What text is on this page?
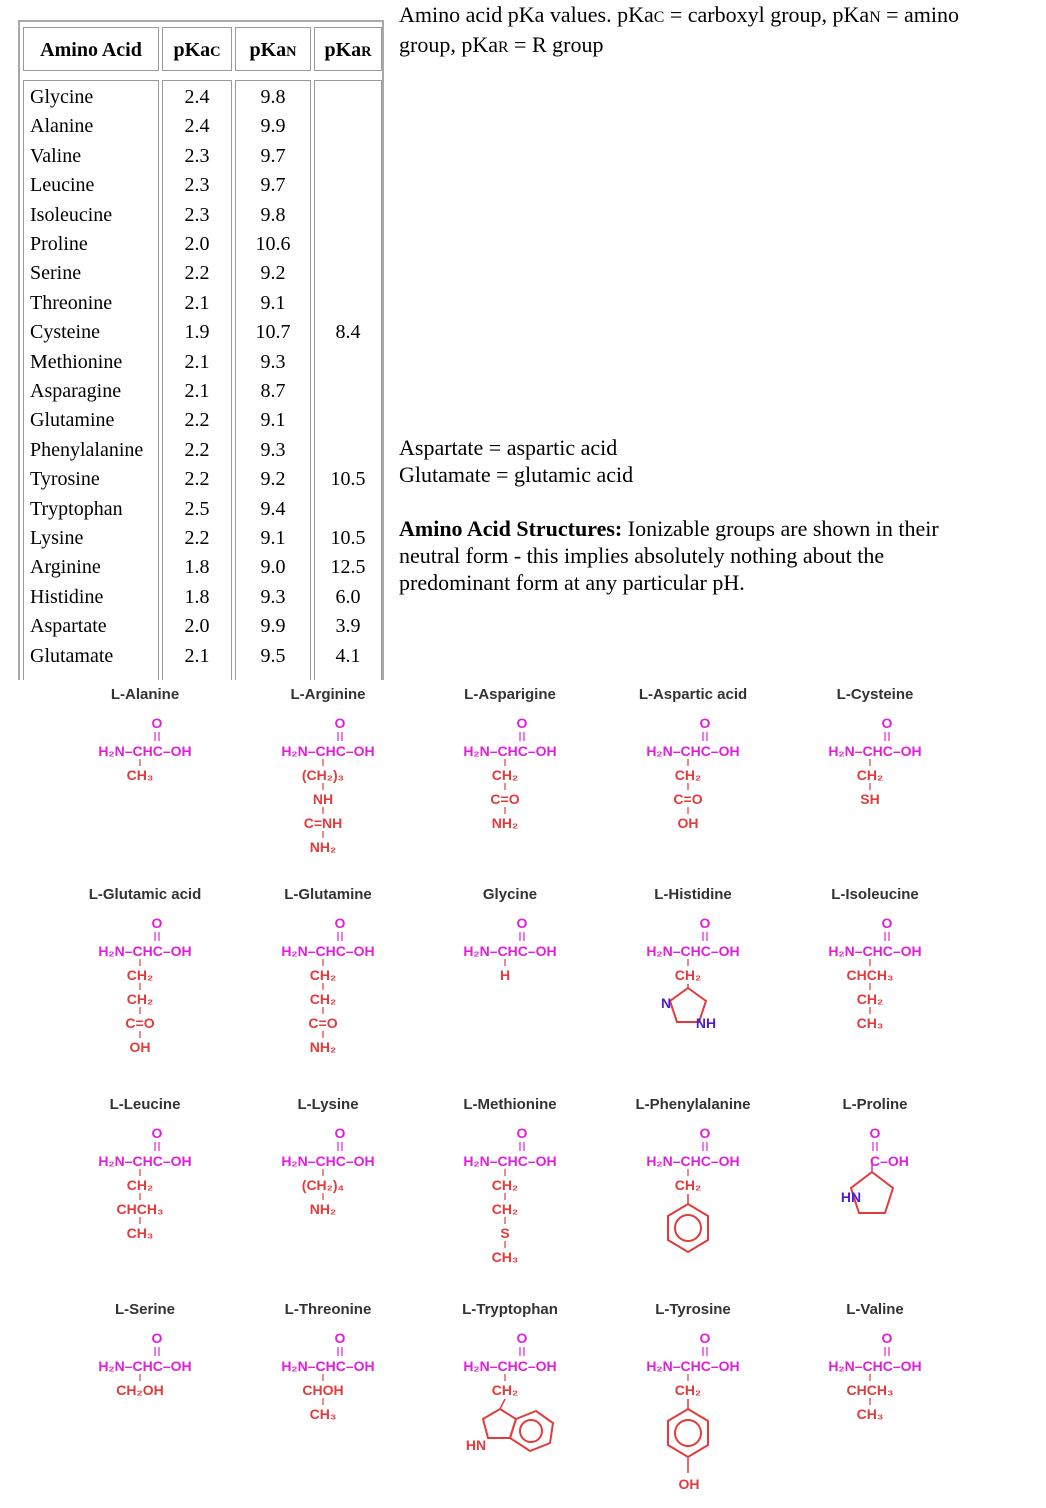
Amino Acid	pKaC	pKaN	pKaR
Glycine	2.4	9.8
Alanine	2.4	9.9
Valine	2.3	9.7
Leucine	2.3	9.7
Isoleucine	2.3	9.8
Proline	2.0	10.6
Serine	2.2	9.2
Threonine	2.1	9.1
Cysteine	1.9	10.7	8.4
Methionine	2.1	9.3
Asparagine	2.1	8.7
Glutamine	2.2	9.1
Phenylalanine	2.2	9.3
Tyrosine	2.2	9.2	10.5
Tryptophan	2.5	9.4
Lysine	2.2	9.1	10.5
Arginine	1.8	9.0	12.5
Histidine	1.8	9.3	6.0
Aspartate	2.0	9.9	3.9
Glutamate	2.1	9.5	4.1
Amino acid pKa values. pKaC = carboxyl group, pKaN = amino
group, pKaR = R group
Aspartate = aspartic acid
Glutamate = glutamic acid
Amino Acid Structures: Ionizable groups are shown in their
neutral form - this implies absolutely nothing about the
predominant form at any particular pH.
L-Alanine
O
H₂N–CHC–OH
CH₃
L-Arginine
O
H₂N–CHC–OH
(CH₂)₃
NH
C=NH
NH₂
L-Asparigine
O
H₂N–CHC–OH
CH₂
C=O
NH₂
L-Aspartic acid
O
H₂N–CHC–OH
CH₂
C=O
OH
L-Cysteine
O
H₂N–CHC–OH
CH₂
SH
L-Glutamic acid
O
H₂N–CHC–OH
CH₂
CH₂
C=O
OH
L-Glutamine
O
H₂N–CHC–OH
CH₂
CH₂
C=O
NH₂
Glycine
O
H₂N–CHC–OH
H
L-Histidine
O
H₂N–CHC–OH
CH₂
N
NH
L-Isoleucine
O
H₂N–CHC–OH
CHCH₃
CH₂
CH₃
L-Leucine
O
H₂N–CHC–OH
CH₂
CHCH₃
CH₃
L-Lysine
O
H₂N–CHC–OH
(CH₂)₄
NH₂
L-Methionine
O
H₂N–CHC–OH
CH₂
CH₂
S
CH₃
L-Phenylalanine
O
H₂N–CHC–OH
CH₂
L-Proline
O
C–OH
HN
L-Serine
O
H₂N–CHC–OH
CH₂OH
L-Threonine
O
H₂N–CHC–OH
CHOH
CH₃
L-Tryptophan
O
H₂N–CHC–OH
CH₂
HN
L-Tyrosine
O
H₂N–CHC–OH
CH₂
OH
L-Valine
O
H₂N–CHC–OH
CHCH₃
CH₃
